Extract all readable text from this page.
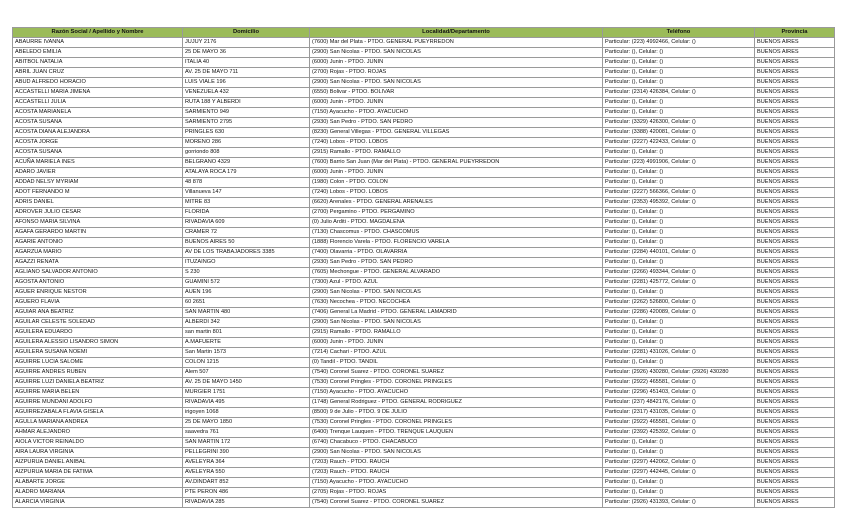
Razón Social / Apellido y Nombre	Domicilio	Localidad/Departamento	Teléfono	Provincia
ABAURRE IVANNA	JUJUY 2176	(7600) Mar del Plata - PTDO. GENERAL PUEYRREDON	Particular: (223) 4992466, Celular: ()	BUENOS AIRES
ABELEDO EMILIA	25 DE MAYO 36	(2900) San Nicolas - PTDO. SAN NICOLAS	Particular: (), Celular: ()	BUENOS AIRES
ABITBOL NATALIA	ITALIA 40	(6000) Junin - PTDO. JUNIN	Particular: (), Celular: ()	BUENOS AIRES
ABRIL JUAN CRUZ	AV. 25 DE MAYO 711	(2700) Rojas - PTDO. ROJAS	Particular: (), Celular: ()	BUENOS AIRES
ABUD ALFREDO HORACIO	LUIS VIALE 196	(2900) San Nicolas - PTDO. SAN NICOLAS	Particular: (), Celular: ()	BUENOS AIRES
ACCASTELLI MARIA JIMENA	VENEZUELA 432	(6550) Bolivar - PTDO. BOLIVAR	Particular: (2314) 426384, Celular: ()	BUENOS AIRES
ACCASTELLI JULIA	RUTA 188 Y ALBERDI	(6000) Junin - PTDO. JUNIN	Particular: (), Celular: ()	BUENOS AIRES
ACOSTA MARIANELA	SARMIENTO 949	(7150) Ayacucho - PTDO. AYACUCHO	Particular: (), Celular: ()	BUENOS AIRES
ACOSTA SUSANA	SARMIENTO 2795	(2930) San Pedro - PTDO. SAN PEDRO	Particular: (3329) 426300, Celular: ()	BUENOS AIRES
ACOSTA DIANA ALEJANDRA	PRINGLES 630	(8230) General Villegas - PTDO. GENERAL VILLEGAS	Particular: (3388) 420081, Celular: ()	BUENOS AIRES
ACOSTA JORGE	MORENO 286	(7240) Lobos - PTDO. LOBOS	Particular: (2227) 422433, Celular: ()	BUENOS AIRES
ACOSTA SUSANA	gorriondo 808	(2915) Ramallo - PTDO. RAMALLO	Particular: (), Celular: ()	BUENOS AIRES
ACUÑA MARIELA INES	BELGRANO 4329	(7600) Barrio San Juan (Mar del Plata) - PTDO. GENERAL PUEYRREDON	Particular: (223) 4991906, Celular: ()	BUENOS AIRES
ADARO JAVIER	ATALAYA ROCA 179	(6000) Junin - PTDO. JUNIN	Particular: (), Celular: ()	BUENOS AIRES
ADDAD NELSY MYRIAM	48 878	(1980) Colon - PTDO. COLON	Particular: (), Celular: ()	BUENOS AIRES
ADOT FERNANDO M	Villanueva 147	(7240) Lobos - PTDO. LOBOS	Particular: (2227) 566366, Celular: ()	BUENOS AIRES
ADRIS DANIEL	MITRE 83	(6620) Arenales - PTDO. GENERAL ARENALES	Particular: (2353) 495392, Celular: ()	BUENOS AIRES
ADROVER JULIO CESAR	FLORIDA	(2700) Pergamino - PTDO. PERGAMINO	Particular: (), Celular: ()	BUENOS AIRES
AFONSO MARIA SILVINA	RIVADAVIA 609	(0) Julio Arditi - PTDO. MAGDALENA	Particular: (), Celular: ()	BUENOS AIRES
AGAFA GERARDO MARTIN	CRAMER 72	(7130) Chascomus - PTDO. CHASCOMUS	Particular: (), Celular: ()	BUENOS AIRES
AGARIE ANTONIO	BUENOS AIRES 50	(1888) Florencio Varela - PTDO. FLORENCIO VARELA	Particular: (), Celular: ()	BUENOS AIRES
AGARZUA MARIO	AV DE LOS TRABAJADORES 3385	(7400) Olavarria - PTDO. OLAVARRIA	Particular: (2284) 440101, Celular: ()	BUENOS AIRES
AGAZZI RENATA	ITUZAINGO	(2930) San Pedro - PTDO. SAN PEDRO	Particular: (), Celular: ()	BUENOS AIRES
AGLIANO SALVADOR ANTONIO	S 230	(7605) Mechongue - PTDO. GENERAL ALVARADO	Particular: (2266) 493344, Celular: ()	BUENOS AIRES
AGOSTA ANTONIO	GUAMINI 572	(7300) Azul - PTDO. AZUL	Particular: (2281) 425772, Celular: ()	BUENOS AIRES
AGUER ENRIQUE NESTOR	AUEN 196	(2900) San Nicolas - PTDO. SAN NICOLAS	Particular: (), Celular: ()	BUENOS AIRES
AGUERO FLAVIA	60 2651	(7630) Necochea - PTDO. NECOCHEA	Particular: (2262) 526800, Celular: ()	BUENOS AIRES
AGUIAR ANA BEATRIZ	SAN MARTIN 480	(7406) General La Madrid - PTDO. GENERAL LAMADRID	Particular: (2286) 420089, Celular: ()	BUENOS AIRES
AGUILAR CELESTE SOLEDAD	ALBERDI 342	(2900) San Nicolas - PTDO. SAN NICOLAS	Particular: (), Celular: ()	BUENOS AIRES
AGUILERA EDUARDO	san martin 801	(2915) Ramallo - PTDO. RAMALLO	Particular: (), Celular: ()	BUENOS AIRES
AGUILERA ALESSIO LISANDRO SIMON	A.MAFUERTE	(6000) Junin - PTDO. JUNIN	Particular: (), Celular: ()	BUENOS AIRES
AGUILERA SUSANA NOEMI	San Martin 1573	(7214) Cachari - PTDO. AZUL	Particular: (2281) 431026, Celular: ()	BUENOS AIRES
AGUIRRE LUCIA SALOME	COLON 1215	(0) Tandil - PTDO. TANDIL	Particular: (), Celular: ()	BUENOS AIRES
AGUIRRE ANDRES RUBEN	Alem 507	(7540) Coronel Suarez - PTDO. CORONEL SUAREZ	Particular: (2926) 430280, Celular: (2926) 430280	BUENOS AIRES
AGUIRRE LUZI DANIELA BEATRIZ	AV. 25 DE MAYO 1450	(7530) Coronel Pringles - PTDO. CORONEL PRINGLES	Particular: (2922) 465581, Celular: ()	BUENOS AIRES
AGUIRRE MARIA BELEN	MURGIER 1751	(7150) Ayacucho - PTDO. AYACUCHO	Particular: (2296) 451403, Celular: ()	BUENOS AIRES
AGUIRRE MUNDANI ADOLFO	RIVADAVIA 495	(1748) General Rodriguez - PTDO. GENERAL RODRIGUEZ	Particular: (237) 4842176, Celular: ()	BUENOS AIRES
AGUIRREZABALA FLAVIA GISELA	irigoyen 1068	(8500) 9 de Julio - PTDO. 9 DE JULIO	Particular: (2317) 431035, Celular: ()	BUENOS AIRES
AGULLA MARIANA ANDREA	25 DE MAYO 1850	(7530) Coronel Pringles - PTDO. CORONEL PRINGLES	Particular: (2922) 465581, Celular: ()	BUENOS AIRES
AHMAR ALEJANDRO	saavedra 761	(6400) Trenque Lauquen - PTDO. TRENQUE LAUQUEN	Particular: (2392) 425392, Celular: ()	BUENOS AIRES
AIOLA VICTOR REINALDO	SAN MARTIN 172	(6740) Chacabuco - PTDO. CHACABUCO	Particular: (), Celular: ()	BUENOS AIRES
AIRA LAURA VIRGINIA	PELLEGRINI 390	(2900) San Nicolas - PTDO. SAN NICOLAS	Particular: (), Celular: ()	BUENOS AIRES
AIZPURUA DANIEL ANIBAL	AVELEYRA 364	(7203) Rauch - PTDO. RAUCH	Particular: (2297) 442062, Celular: ()	BUENOS AIRES
AIZPURUA MARIA DE FATIMA	AVELEYRA 550	(7203) Rauch - PTDO. RAUCH	Particular: (2297) 442445, Celular: ()	BUENOS AIRES
ALABARTE JORGE	AV.DINDART 852	(7150) Ayacucho - PTDO. AYACUCHO	Particular: (), Celular: ()	BUENOS AIRES
ALADRO MARIANA	PTE PERON 486	(2705) Rojas - PTDO. ROJAS	Particular: (), Celular: ()	BUENOS AIRES
ALARCIA VIRGINIA	RIVADAVIA 285	(7540) Coronel Suarez - PTDO. CORONEL SUAREZ	Particular: (2926) 431393, Celular: ()	BUENOS AIRES
